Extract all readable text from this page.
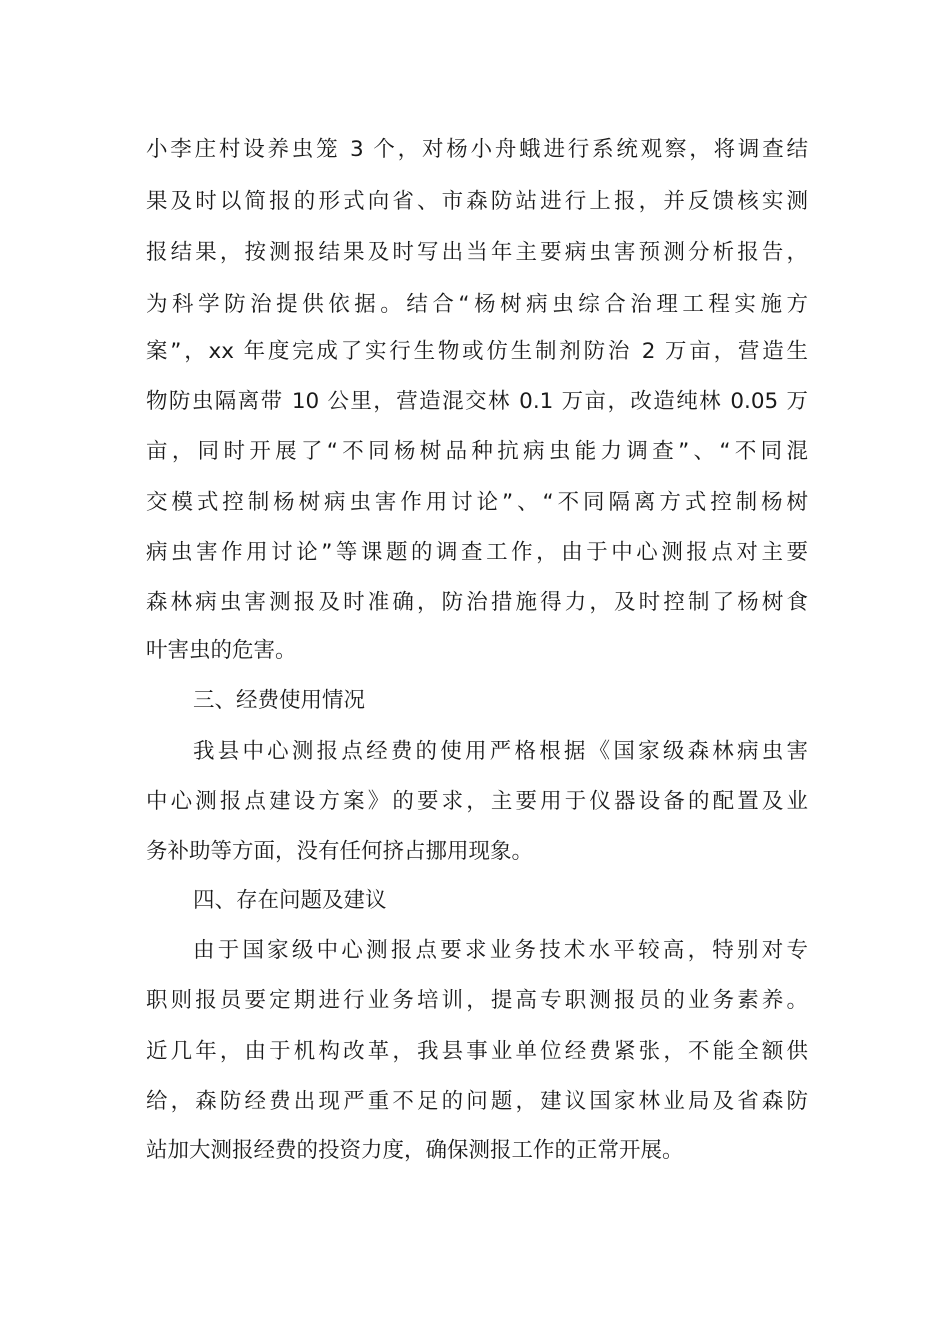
小李庄村设养虫笼 3 个，对杨小舟蛾进行系统观察，将调查结
果及时以简报的形式向省、市森防站进行上报，并反馈核实测
报结果，按测报结果及时写出当年主要病虫害预测分析报告，
为科学防治提供依据。结合“杨树病虫综合治理工程实施方
案”，xx 年度完成了实行生物或仿生制剂防治 2 万亩，营造生
物防虫隔离带 10 公里，营造混交林 0.1 万亩，改造纯林 0.05 万
亩，同时开展了“不同杨树品种抗病虫能力调查”、“不同混
交模式控制杨树病虫害作用讨论”、“不同隔离方式控制杨树
病虫害作用讨论”等课题的调查工作，由于中心测报点对主要
森林病虫害测报及时准确，防治措施得力，及时控制了杨树食
叶害虫的危害。
三、经费使用情况
我县中心测报点经费的使用严格根据《国家级森林病虫害
中心测报点建设方案》的要求，主要用于仪器设备的配置及业
务补助等方面，没有任何挤占挪用现象。
四、存在问题及建议
由于国家级中心测报点要求业务技术水平较高，特别对专
职则报员要定期进行业务培训，提高专职测报员的业务素养。
近几年，由于机构改革，我县事业单位经费紧张，不能全额供
给，森防经费出现严重不足的问题，建议国家林业局及省森防
站加大测报经费的投资力度，确保测报工作的正常开展。
